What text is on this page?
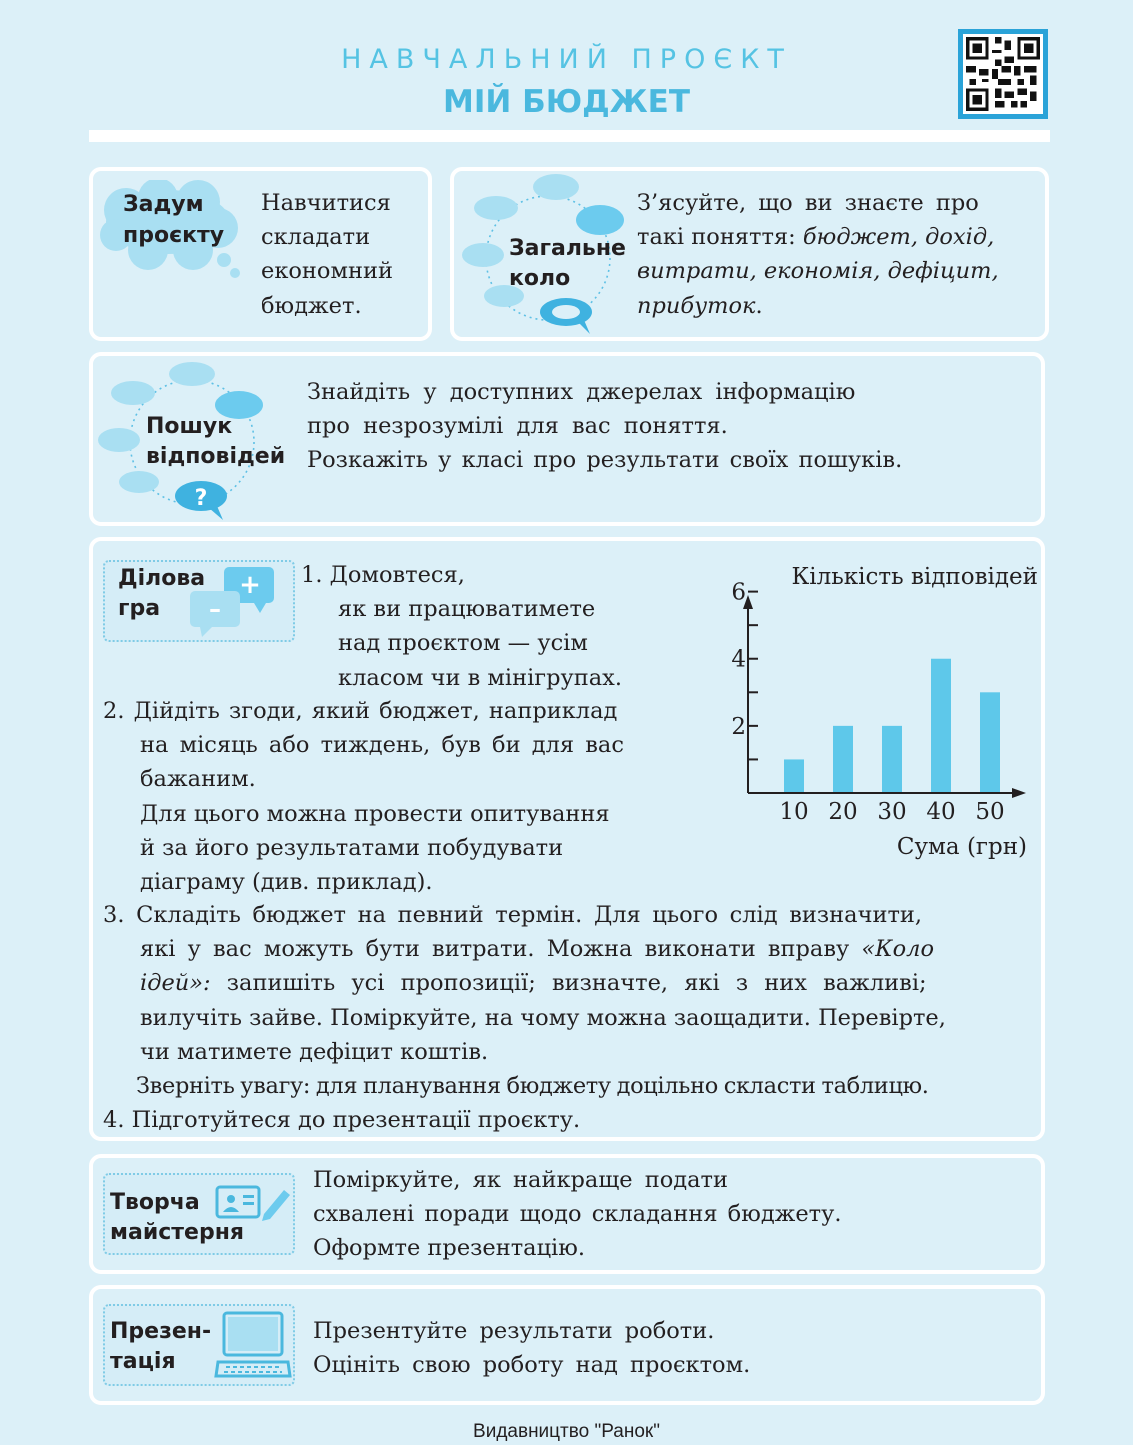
НАВЧАЛЬНИЙ ПРОЄКТ
МІЙ БЮДЖЕТ
Задум
проєкту

Навчитися

складати

економний

бюджет.

Загальне
коло

З’ясуйте, що ви знаєте про

такі поняття: бюджет, дохід,

витрати, економія, дефіцит,

прибуток.

?
Пошук
відповідей

Знайдіть у доступних джерелах інформацію

про незрозумілі для вас поняття.

Розкажіть у класі про результати своїх пошуків.

Ділова
гра
+
–

1. Домовтеся,

як ви працюватимете

над проєктом — усім

класом чи в мінігрупах.

2. Дійдіть згоди, який бюджет, наприклад

на місяць або тиждень, був би для вас

бажаним.

Для цього можна провести опитування

й за його результатами побудувати

діаграму (див. приклад).

Кількість відповідей
2
4
6
10 20 30 40 50
Сума (грн)

3. Складіть бюджет на певний термін. Для цього слід визначити,

які у вас можуть бути витрати. Можна виконати вправу «Коло

ідей»: запишіть усі пропозиції; визначте, які з них важливі;

вилучіть зайве. Поміркуйте, на чому можна заощадити. Перевірте,

чи матимете дефіцит коштів.

Зверніть увагу: для планування бюджету доцільно скласти таблицю.

4. Підготуйтеся до презентації проєкту.

Творча
майстерня

Поміркуйте, як найкраще подати

схвалені поради щодо складання бюджету.

Оформте презентацію.

Презен-
тація

Презентуйте результати роботи.

Оцініть свою роботу над проєктом.

Видавництво "Ранок"
